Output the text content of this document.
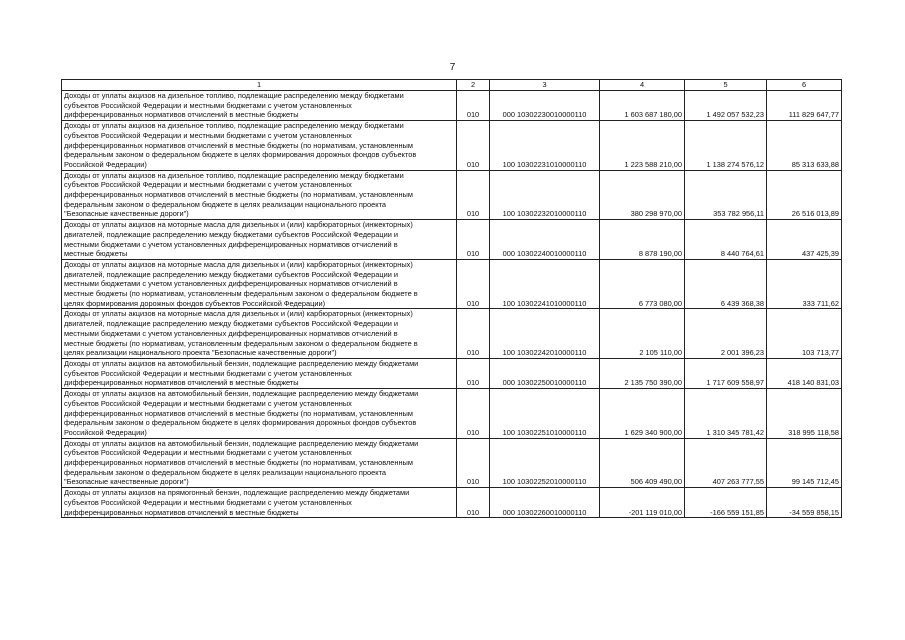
7
1	2	3	4	5	6
Доходы от уплаты акцизов на дизельное топливо, подлежащие распределению между бюджетами
субъектов Российской Федерации и местными бюджетами с учетом установленных
дифференцированных нормативов отчислений в местные бюджеты	010	000 10302230010000110	1 603 687 180,00	1 492 057 532,23	111 829 647,77
Доходы от уплаты акцизов на дизельное топливо, подлежащие распределению между бюджетами
субъектов Российской Федерации и местными бюджетами с учетом установленных
дифференцированных нормативов отчислений в местные бюджеты (по нормативам, установленным
федеральным законом о федеральном бюджете в целях формирования дорожных фондов субъектов
Российской Федерации)	010	100 10302231010000110	1 223 588 210,00	1 138 274 576,12	85 313 633,88
Доходы от уплаты акцизов на дизельное топливо, подлежащие распределению между бюджетами
субъектов Российской Федерации и местными бюджетами с учетом установленных
дифференцированных нормативов отчислений в местные бюджеты (по нормативам, установленным
федеральным законом о федеральном бюджете в целях реализации национального проекта
"Безопасные качественные дороги")	010	100 10302232010000110	380 298 970,00	353 782 956,11	26 516 013,89
Доходы от уплаты акцизов на моторные масла для дизельных и (или) карбюраторных (инжекторных)
двигателей, подлежащие распределению между бюджетами субъектов Российской Федерации и
местными бюджетами с учетом установленных дифференцированных нормативов отчислений в
местные бюджеты	010	000 10302240010000110	8 878 190,00	8 440 764,61	437 425,39
Доходы от уплаты акцизов на моторные масла для дизельных и (или) карбюраторных (инжекторных)
двигателей, подлежащие распределению между бюджетами субъектов Российской Федерации и
местными бюджетами с учетом установленных дифференцированных нормативов отчислений в
местные бюджеты (по нормативам, установленным федеральным законом о федеральном бюджете в
целях формирования дорожных фондов субъектов Российской Федерации)	010	100 10302241010000110	6 773 080,00	6 439 368,38	333 711,62
Доходы от уплаты акцизов на моторные масла для дизельных и (или) карбюраторных (инжекторных)
двигателей, подлежащие распределению между бюджетами субъектов Российской Федерации и
местными бюджетами с учетом установленных дифференцированных нормативов отчислений в
местные бюджеты (по нормативам, установленным федеральным законом о федеральном бюджете в
целях реализации национального проекта "Безопасные качественные дороги")	010	100 10302242010000110	2 105 110,00	2 001 396,23	103 713,77
Доходы от уплаты акцизов на автомобильный бензин, подлежащие распределению между бюджетами
субъектов Российской Федерации и местными бюджетами с учетом установленных
дифференцированных нормативов отчислений в местные бюджеты	010	000 10302250010000110	2 135 750 390,00	1 717 609 558,97	418 140 831,03
Доходы от уплаты акцизов на автомобильный бензин, подлежащие распределению между бюджетами
субъектов Российской Федерации и местными бюджетами с учетом установленных
дифференцированных нормативов отчислений в местные бюджеты (по нормативам, установленным
федеральным законом о федеральном бюджете в целях формирования дорожных фондов субъектов
Российской Федерации)	010	100 10302251010000110	1 629 340 900,00	1 310 345 781,42	318 995 118,58
Доходы от уплаты акцизов на автомобильный бензин, подлежащие распределению между бюджетами
субъектов Российской Федерации и местными бюджетами с учетом установленных
дифференцированных нормативов отчислений в местные бюджеты (по нормативам, установленным
федеральным законом о федеральном бюджете в целях реализации национального проекта
"Безопасные качественные дороги")	010	100 10302252010000110	506 409 490,00	407 263 777,55	99 145 712,45
Доходы от уплаты акцизов на прямогонный бензин, подлежащие распределению между бюджетами
субъектов Российской Федерации и местными бюджетами с учетом установленных
дифференцированных нормативов отчислений в местные бюджеты	010	000 10302260010000110	-201 119 010,00	-166 559 151,85	-34 559 858,15
